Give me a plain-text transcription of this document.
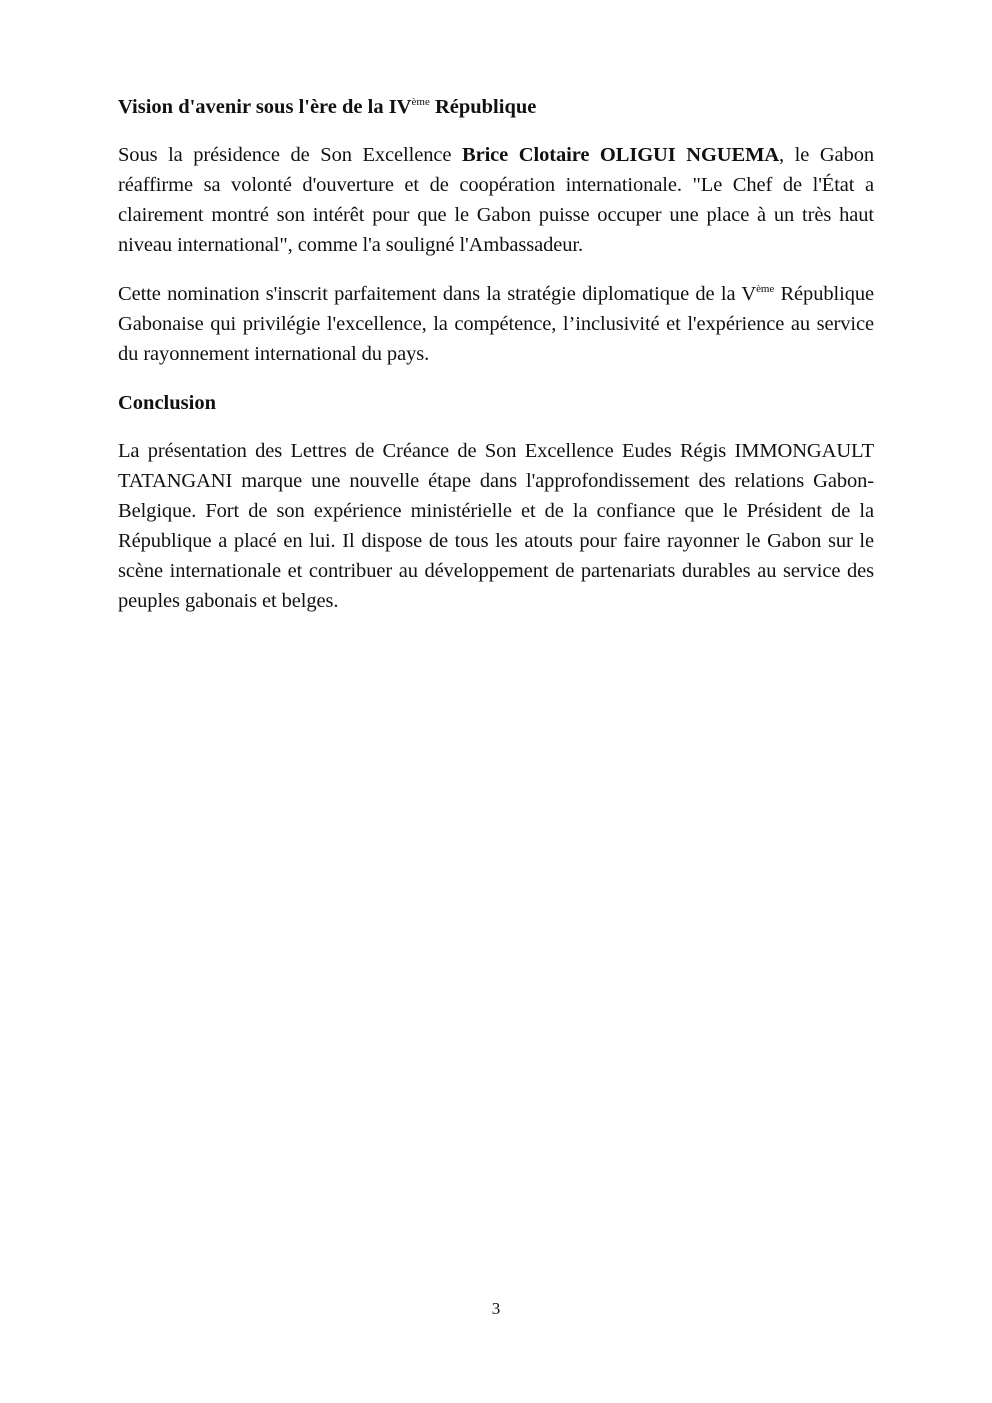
Vision d'avenir sous l'ère de la IVème République

Sous la présidence de Son Excellence Brice Clotaire OLIGUI NGUEMA, le Gabon réaffirme sa volonté d'ouverture et de coopération internationale. "Le Chef de l'État a clairement montré son intérêt pour que le Gabon puisse occuper une place à un très haut niveau international", comme l'a souligné l'Ambassadeur.

Cette nomination s'inscrit parfaitement dans la stratégie diplomatique de la Vème République Gabonaise qui privilégie l'excellence, la compétence, l’inclusivité et l'expérience au service du rayonnement international du pays.

Conclusion

La présentation des Lettres de Créance de Son Excellence Eudes Régis IMMONGAULT TATANGANI marque une nouvelle étape dans l'approfondissement des relations Gabon-Belgique. Fort de son expérience ministérielle et de la confiance que le Président de la République a placé en lui. Il dispose de tous les atouts pour faire rayonner le Gabon sur le scène internationale et contribuer au développement de partenariats durables au service des peuples gabonais et belges.

3
